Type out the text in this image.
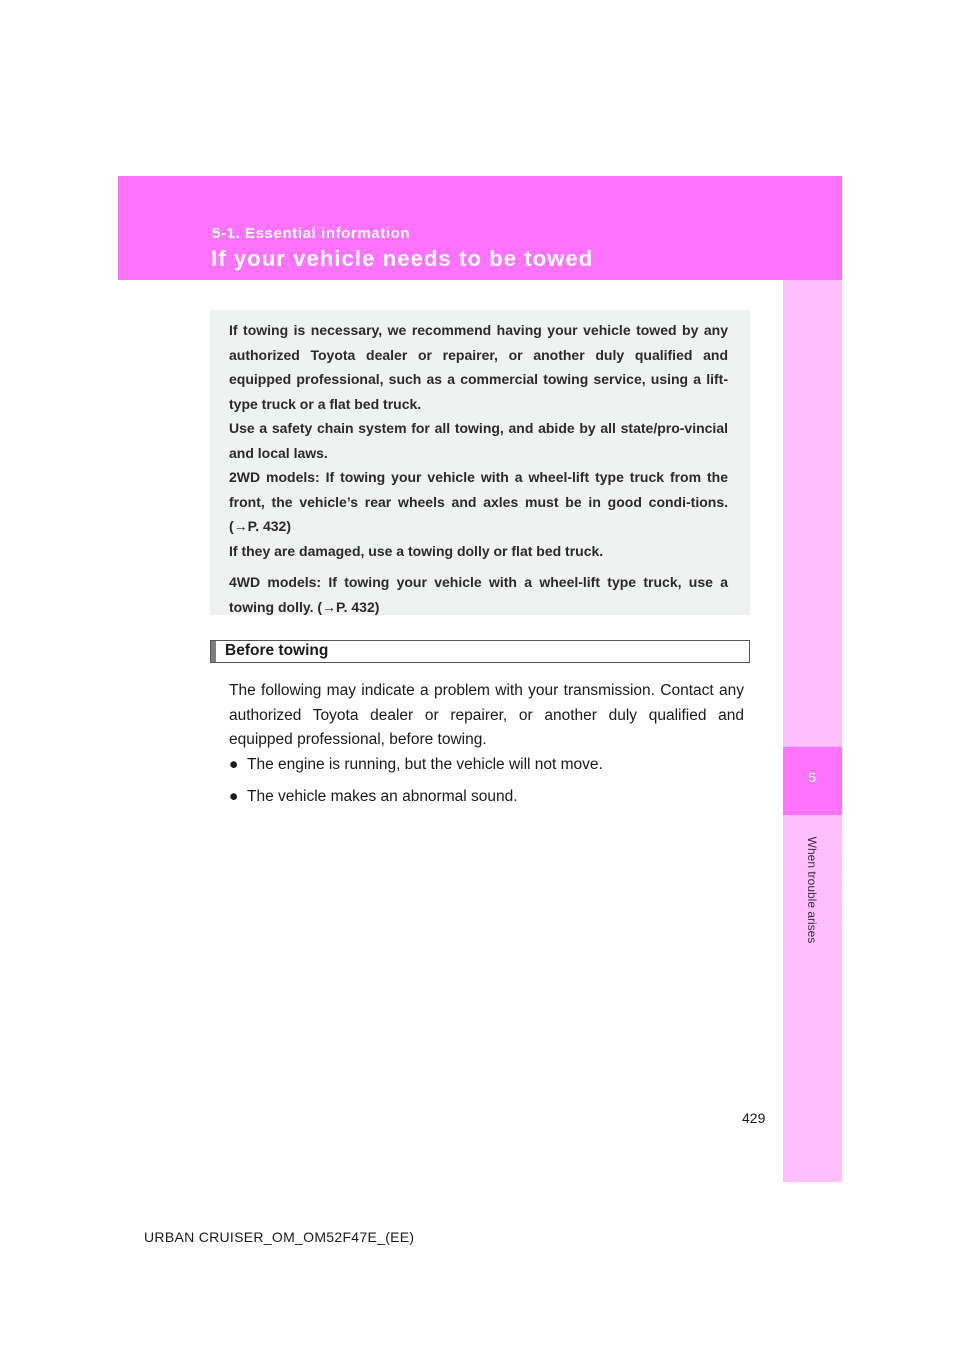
5-1. Essential information
If your vehicle needs to be towed
5
When trouble arises

If towing is necessary, we recommend having your vehicle towed by any authorized Toyota dealer or repairer, or another duly qualified and equipped professional, such as a commercial towing service, using a lift-type truck or a flat bed truck.

Use a safety chain system for all towing, and abide by all state/pro-vincial and local laws.

2WD models: If towing your vehicle with a wheel-lift type truck from the front, the vehicle’s rear wheels and axles must be in good condi-tions. (→P. 432)

If they are damaged, use a towing dolly or flat bed truck.

4WD models: If towing your vehicle with a wheel-lift type truck, use a towing dolly. (→P. 432)

Before towing
The following may indicate a problem with your transmission. Contact any authorized Toyota dealer or repairer, or another duly qualified and equipped professional, before towing.
● The engine is running, but the vehicle will not move.
● The vehicle makes an abnormal sound.
429
URBAN CRUISER_OM_OM52F47E_(EE)
